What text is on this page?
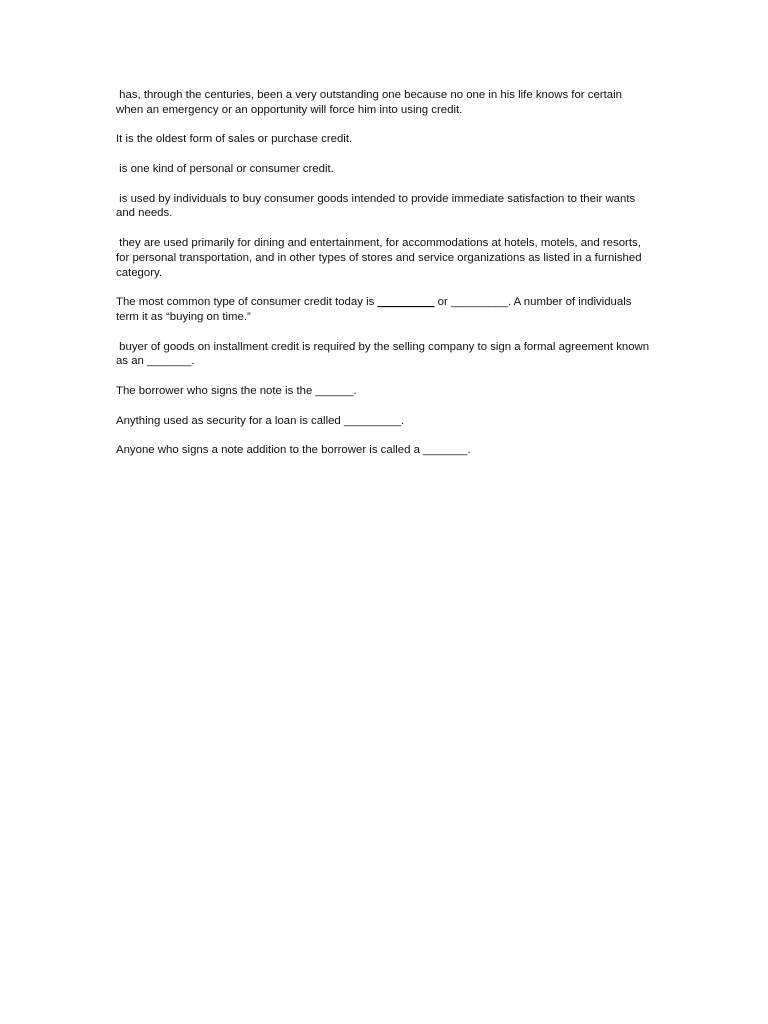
has, through the centuries, been a very outstanding one because no one in his life knows for certain when an emergency or an opportunity will force him into using credit.

It is the oldest form of sales or purchase credit.

is one kind of personal or consumer credit.

is used by individuals to buy consumer goods intended to provide immediate satisfaction to their wants and needs.

they are used primarily for dining and entertainment, for accommodations at hotels, motels, and resorts, for personal transportation, and in other types of stores and service organizations as listed in a furnished category.

The most common type of consumer credit today is _________ or _________. A number of individuals term it as “buying on time.”

buyer of goods on installment credit is required by the selling company to sign a formal agreement known as an _______.

The borrower who signs the note is the ______.

Anything used as security for a loan is called _________.

Anyone who signs a note addition to the borrower is called a _______.
